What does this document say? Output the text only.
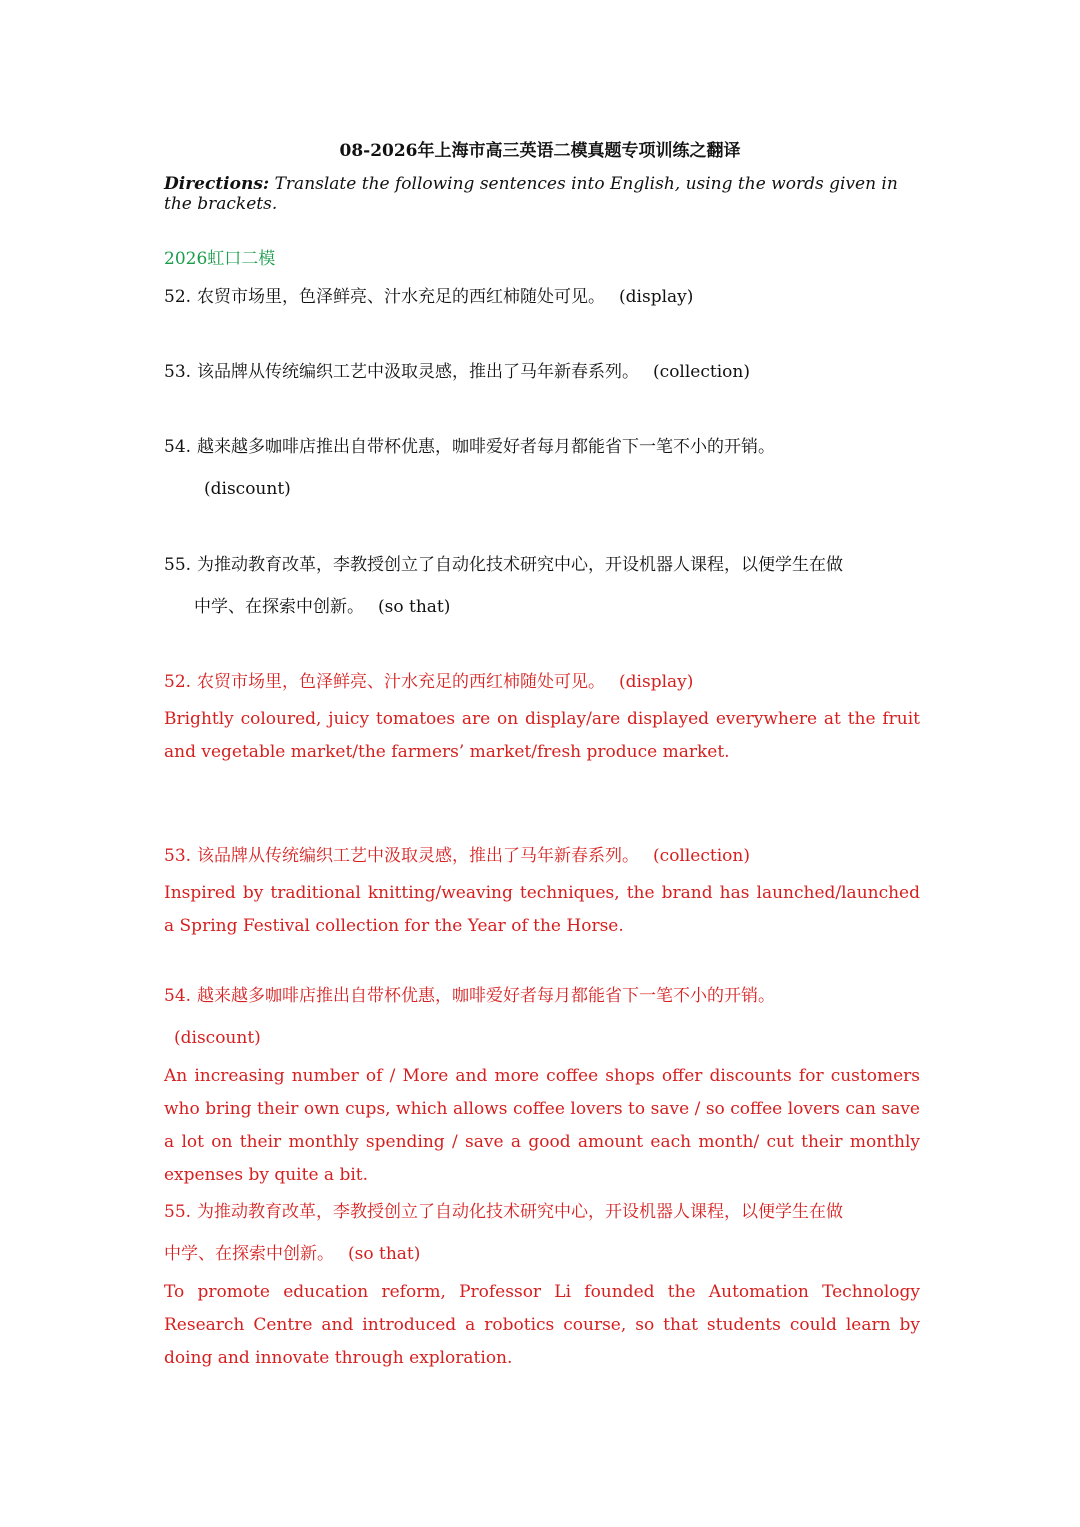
08-2026年上海市高三英语二模真题专项训练之翻译

Directions: Translate the following sentences into English, using the words given in the brackets.

2026虹口二模

52. 农贸市场里，色泽鲜亮、汁水充足的西红柿随处可见。 (display)
53. 该品牌从传统编织工艺中汲取灵感，推出了马年新春系列。 (collection)
54. 越来越多咖啡店推出自带杯优惠，咖啡爱好者每月都能省下一笔不小的开销。
(discount)
55. 为推动教育改革，李教授创立了自动化技术研究中心，开设机器人课程，以便学生在做
中学、在探索中创新。 (so that)
52. 农贸市场里，色泽鲜亮、汁水充足的西红柿随处可见。 (display)

Brightly coloured, juicy tomatoes are on display/are displayed everywhere at the fruit and vegetable market/the farmers’ market/fresh produce market.

53. 该品牌从传统编织工艺中汲取灵感，推出了马年新春系列。 (collection)

Inspired by traditional knitting/weaving techniques, the brand has launched/launched a Spring Festival collection for the Year of the Horse.

54. 越来越多咖啡店推出自带杯优惠，咖啡爱好者每月都能省下一笔不小的开销。
(discount)

An increasing number of / More and more coffee shops offer discounts for customers who bring their own cups, which allows coffee lovers to save / so coffee lovers can save a lot on their monthly spending / save a good amount each month/ cut their monthly expenses by quite a bit.

55. 为推动教育改革，李教授创立了自动化技术研究中心，开设机器人课程，以便学生在做
中学、在探索中创新。 (so that)

To promote education reform, Professor Li founded the Automation Technology Research Centre and introduced a robotics course, so that students could learn by doing and innovate through exploration.
